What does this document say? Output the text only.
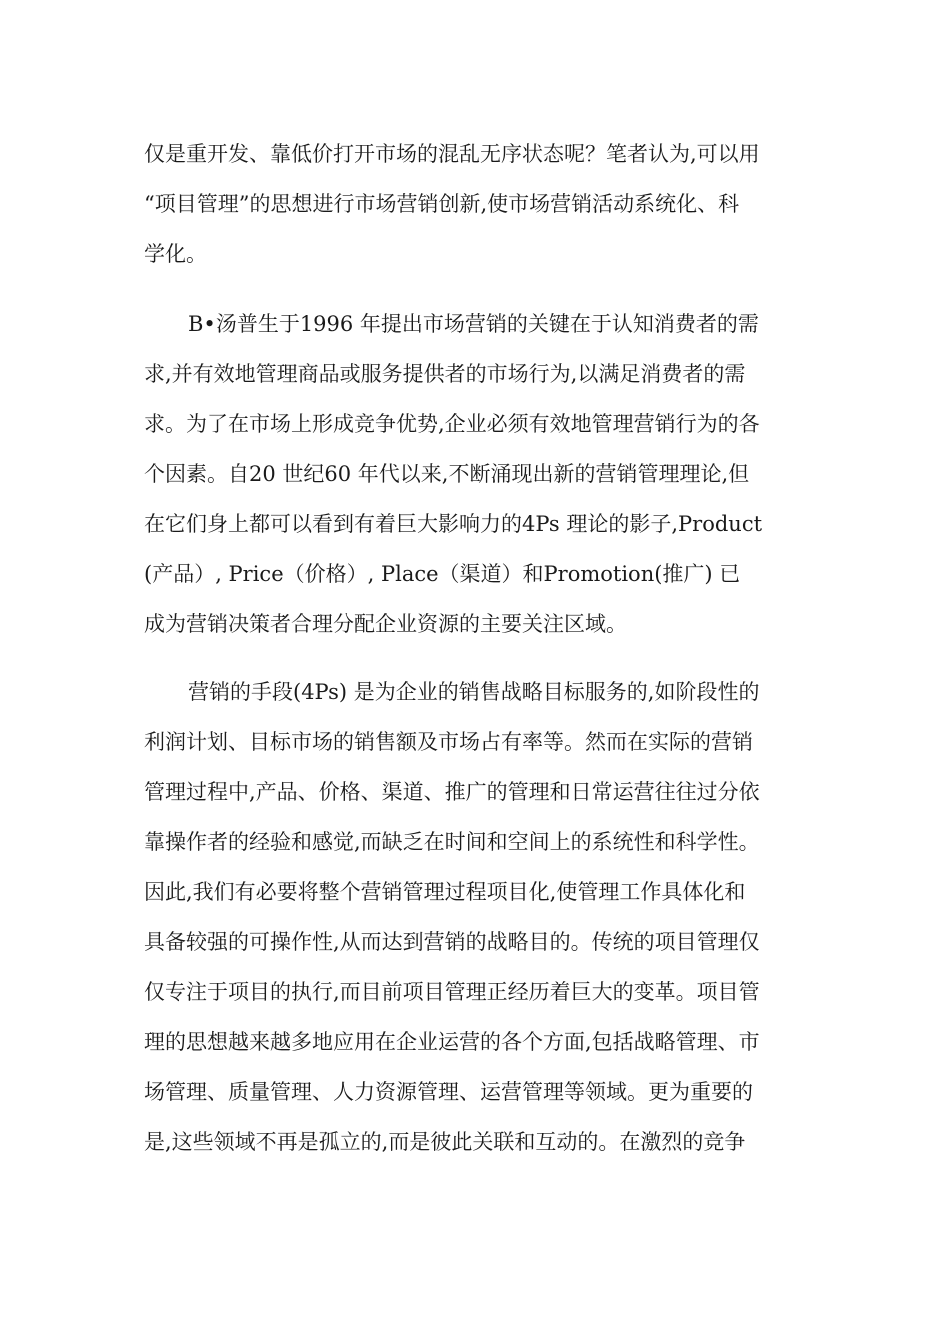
仅是重开发、靠低价打开市场的混乱无序状态呢？笔者认为,可以用
“项目管理”的思想进行市场营销创新,使市场营销活动系统化、科
学化。
B•汤普生于1996 年提出市场营销的关键在于认知消费者的需
求,并有效地管理商品或服务提供者的市场行为,以满足消费者的需
求。为了在市场上形成竞争优势,企业必须有效地管理营销行为的各
个因素。自20 世纪60 年代以来,不断涌现出新的营销管理理论,但
在它们身上都可以看到有着巨大影响力的4Ps 理论的影子,Product
(产品）, Price（价格）, Place（渠道）和Promotion(推广) 已
成为营销决策者合理分配企业资源的主要关注区域。
营销的手段(4Ps) 是为企业的销售战略目标服务的,如阶段性的
利润计划、目标市场的销售额及市场占有率等。然而在实际的营销
管理过程中,产品、价格、渠道、推广的管理和日常运营往往过分依
靠操作者的经验和感觉,而缺乏在时间和空间上的系统性和科学性。
因此,我们有必要将整个营销管理过程项目化,使管理工作具体化和
具备较强的可操作性,从而达到营销的战略目的。传统的项目管理仅
仅专注于项目的执行,而目前项目管理正经历着巨大的变革。项目管
理的思想越来越多地应用在企业运营的各个方面,包括战略管理、市
场管理、质量管理、人力资源管理、运营管理等领域。更为重要的
是,这些领域不再是孤立的,而是彼此关联和互动的。在激烈的竞争
